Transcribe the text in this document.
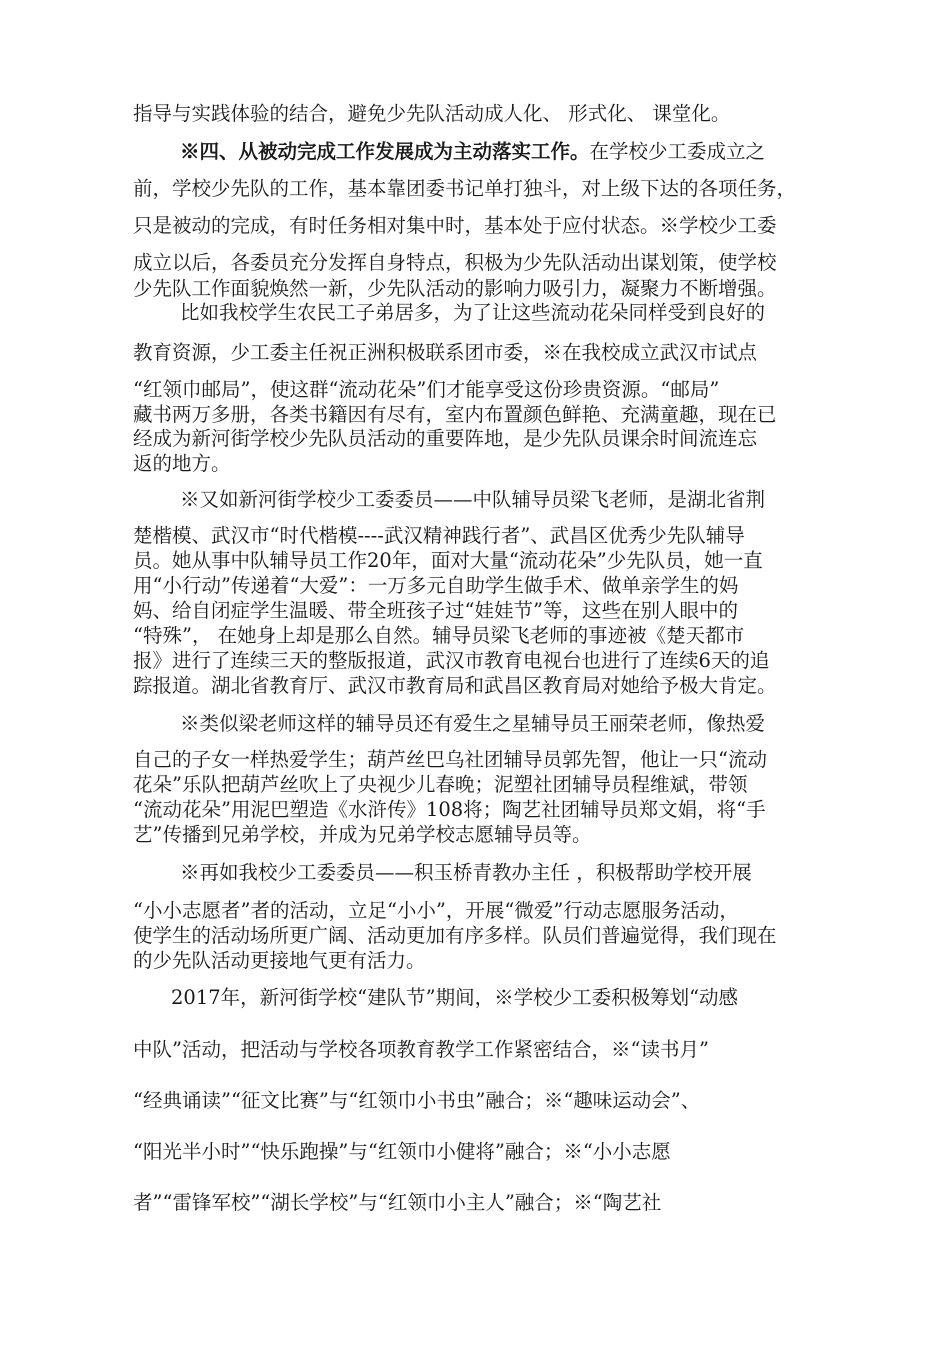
指导与实践体验的结合，避免少先队活动成人化、 形式化、 课堂化。
※四、从被动完成工作发展成为主动落实工作。在学校少工委成立之
前，学校少先队的工作，基本靠团委书记单打独斗，对上级下达的各项任务，
只是被动的完成，有时任务相对集中时，基本处于应付状态。※学校少工委
成立以后，各委员充分发挥自身特点，积极为少先队活动出谋划策，使学校
少先队工作面貌焕然一新，少先队活动的影响力吸引力，凝聚力不断增强。
比如我校学生农民工子弟居多，为了让这些流动花朵同样受到良好的
教育资源，少工委主任祝正洲积极联系团市委，※在我校成立武汉市试点
“红领巾邮局”，使这群“流动花朵”们才能享受这份珍贵资源。“邮局”
藏书两万多册，各类书籍因有尽有，室内布置颜色鲜艳、充满童趣，现在已
经成为新河街学校少先队员活动的重要阵地，是少先队员课余时间流连忘
返的地方。
※又如新河街学校少工委委员——中队辅导员梁飞老师，是湖北省荆
楚楷模、武汉市“时代楷模----武汉精神践行者”、武昌区优秀少先队辅导
员。她从事中队辅导员工作20年，面对大量“流动花朵”少先队员，她一直
用“小行动”传递着“大爱”：一万多元自助学生做手术、做单亲学生的妈
妈、给自闭症学生温暖、带全班孩子过“娃娃节”等，这些在别人眼中的
“特殊”， 在她身上却是那么自然。辅导员梁飞老师的事迹被《楚天都市
报》进行了连续三天的整版报道，武汉市教育电视台也进行了连续6天的追
踪报道。湖北省教育厅、武汉市教育局和武昌区教育局对她给予极大肯定。
※类似梁老师这样的辅导员还有爱生之星辅导员王丽荣老师，像热爱
自己的子女一样热爱学生；葫芦丝巴乌社团辅导员郭先智，他让一只“流动
花朵”乐队把葫芦丝吹上了央视少儿春晚；泥塑社团辅导员程维斌，带领
“流动花朵”用泥巴塑造《水浒传》108将；陶艺社团辅导员郑文娟，将“手
艺”传播到兄弟学校，并成为兄弟学校志愿辅导员等。
※再如我校少工委委员——积玉桥青教办主任 ，积极帮助学校开展
“小小志愿者”者的活动，立足“小小”，开展“微爱”行动志愿服务活动，
使学生的活动场所更广阔、活动更加有序多样。队员们普遍觉得，我们现在
的少先队活动更接地气更有活力。
2017年，新河街学校“建队节”期间，※学校少工委积极筹划“动感
中队”活动，把活动与学校各项教育教学工作紧密结合，※“读书月”
“经典诵读”“征文比赛”与“红领巾小书虫”融合；※“趣味运动会”、
“阳光半小时”“快乐跑操”与“红领巾小健将”融合；※“小小志愿
者”“雷锋军校”“湖长学校”与“红领巾小主人”融合；※“陶艺社
